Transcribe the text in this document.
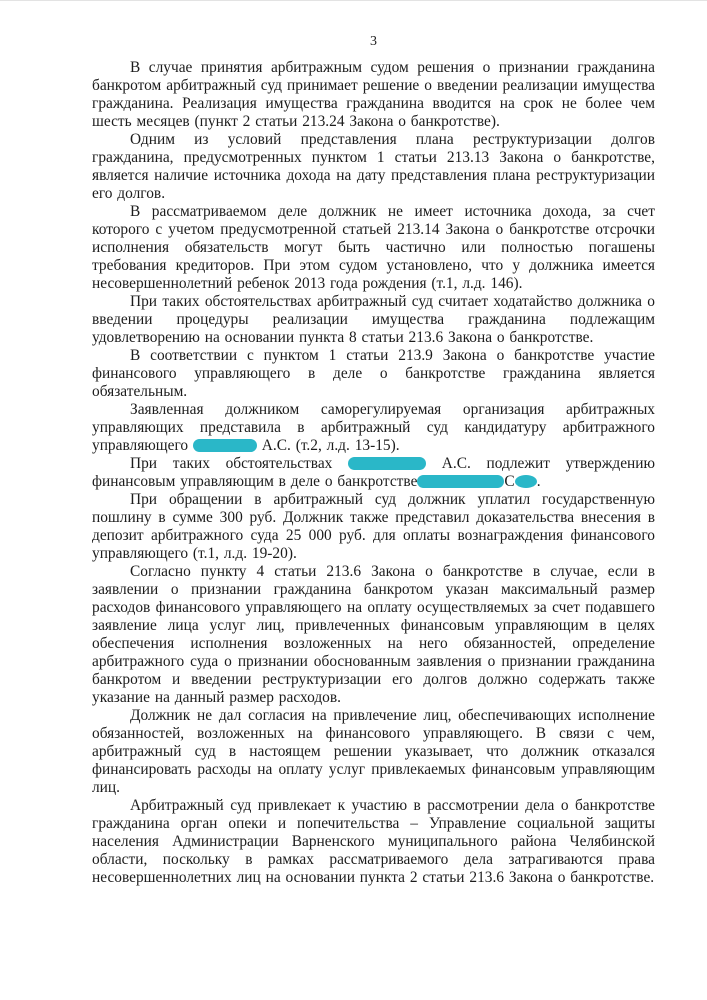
3

В случае принятия арбитражным судом решения о признании гражданина банкротом арбитражный суд принимает решение о введении реализации имущества гражданина. Реализация имущества гражданина вводится на срок не более чем шесть месяцев (пункт 2 статьи 213.24 Закона о банкротстве).

Одним из условий представления плана реструктуризации долгов гражданина, предусмотренных пунктом 1 статьи 213.13 Закона о банкротстве, является наличие источника дохода на дату представления плана реструктуризации его долгов.

В рассматриваемом деле должник не имеет источника дохода, за счет которого с учетом предусмотренной статьей 213.14 Закона о банкротстве отсрочки исполнения обязательств могут быть частично или полностью погашены требования кредиторов. При этом судом установлено, что у должника имеется несовершеннолетний ребенок 2013 года рождения (т.1, л.д. 146).

При таких обстоятельствах арбитражный суд считает ходатайство должника о введении процедуры реализации имущества гражданина подлежащим удовлетворению на основании пункта 8 статьи 213.6 Закона о банкротстве.

В соответствии с пунктом 1 статьи 213.9 Закона о банкротстве участие финансового управляющего в деле о банкротстве гражданина является обязательным.

Заявленная должником саморегулируемая организация арбитражных управляющих представила в арбитражный суд кандидатуру арбитражного управляющего	А.С. (т.2, л.д. 13-15).

При таких обстоятельствах	А.С. подлежит утверждению финансовым управляющим в деле о банкротстве	С .

При обращении в арбитражный суд должник уплатил государственную пошлину в сумме 300 руб. Должник также представил доказательства внесения в депозит арбитражного суда 25 000 руб. для оплаты вознаграждения финансового управляющего (т.1, л.д. 19-20).

Согласно пункту 4 статьи 213.6 Закона о банкротстве в случае, если в заявлении о признании гражданина банкротом указан максимальный размер расходов финансового управляющего на оплату осуществляемых за счет подавшего заявление лица услуг лиц, привлеченных финансовым управляющим в целях обеспечения исполнения возложенных на него обязанностей, определение арбитражного суда о признании обоснованным заявления о признании гражданина банкротом и введении реструктуризации его долгов должно содержать также указание на данный размер расходов.

Должник не дал согласия на привлечение лиц, обеспечивающих исполнение обязанностей, возложенных на финансового управляющего. В связи с чем, арбитражный суд в настоящем решении указывает, что должник отказался финансировать расходы на оплату услуг привлекаемых финансовым управляющим лиц.

Арбитражный суд привлекает к участию в рассмотрении дела о банкротстве гражданина орган опеки и попечительства – Управление социальной защиты населения Администрации Варненского муниципального района Челябинской области, поскольку в рамках рассматриваемого дела затрагиваются права несовершеннолетних лиц на основании пункта 2 статьи 213.6 Закона о банкротстве.
